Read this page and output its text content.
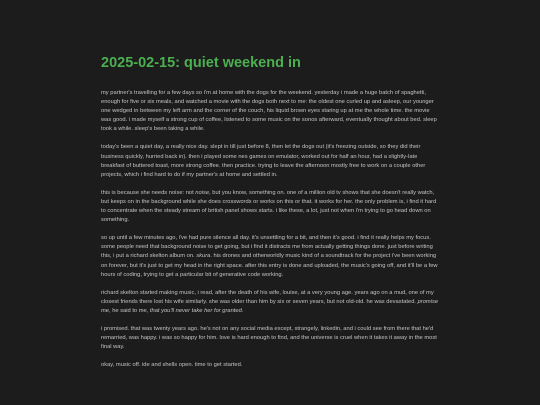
2025-02-15: quiet weekend in

my partner's travelling for a few days so i'm at home with the dogs for the weekend. yesterday i made a huge batch of spaghetti, enough for five or six meals, and watched a movie with the dogs both next to me: the oldest one curled up and asleep, our younger one wedged in between my left arm and the corner of the couch, his liquid brown eyes staring up at me the whole time. the movie was good. i made myself a strong cup of coffee, listened to some music on the sonos afterward, eventually thought about bed. sleep took a while. sleep's been taking a while.

today's been a quiet day, a really nice day. slept in till just before 8, then let the dogs out (it's freezing outside, so they did their business quickly, hurried back in). then i played some nes games on emulator, worked out for half an hour, had a slightly-late breakfast of buttered toast, more strong coffee. then practice. trying to leave the afternoon mostly free to work on a couple other projects, which i find hard to do if my partner's at home and settled in.

this is because she needs noise: not noise, but you know, something on. one of a million old tv shows that she doesn't really watch, but keeps on in the background while she does crosswords or works on this or that. it works for her. the only problem is, i find it hard to concentrate when the steady stream of british panel shows starts. i like these, a lot, just not when i'm trying to go head down on something.

so up until a few minutes ago, i've had pure silence all day. it's unsettling for a bit, and then it's good. i find it really helps my focus. some people need that background noise to get going, but i find it distracts me from actually getting things done. just before writing this, i put a richard skelton album on. skura. his drones and otherworldly music kind of a soundtrack for the project i've been working on forever, but it's just to get my head in the right space. after this entry is done and uploaded, the music's going off, and it'll be a few hours of coding, trying to get a particular bit of generative code working.

richard skelton started making music, i read, after the death of his wife, louise, at a very young age. years ago on a mud, one of my closest friends there lost his wife similarly. she was older than him by six or seven years, but not old-old. he was devastated. promise me, he said to me, that you'll never take her for granted.

i promised. that was twenty years ago. he's not on any social media except, strangely, linkedin, and i could see from there that he'd remarried, was happy. i was so happy for him. love is hard enough to find, and the universe is cruel when it takes it away in the most final way.

okay, music off. ide and shells open. time to get started.
